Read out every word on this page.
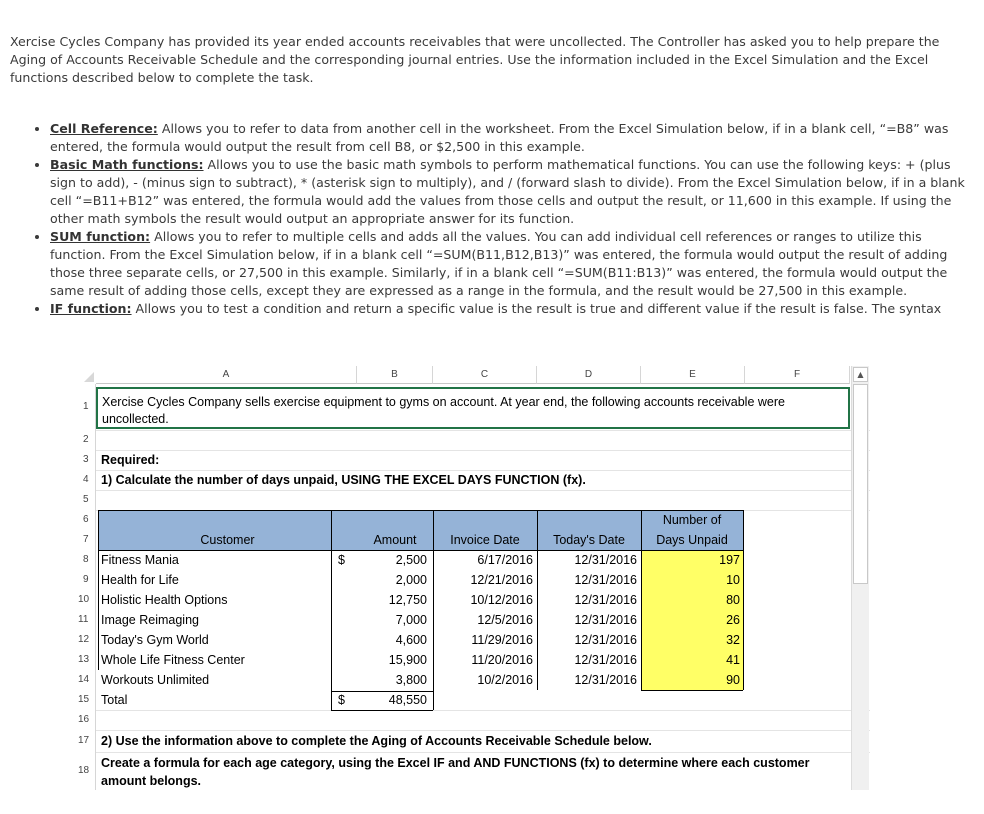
Xercise Cycles Company has provided its year ended accounts receivables that were uncollected. The Controller has asked you to help prepare the Aging of Accounts Receivable Schedule and the corresponding journal entries. Use the information included in the Excel Simulation and the Excel functions described below to complete the task.
• Cell Reference: Allows you to refer to data from another cell in the worksheet. From the Excel Simulation below, if in a blank cell, “=B8” was entered, the formula would output the result from cell B8, or $2,500 in this example.
• Basic Math functions: Allows you to use the basic math symbols to perform mathematical functions. You can use the following keys: + (plus sign to add), - (minus sign to subtract), * (asterisk sign to multiply), and / (forward slash to divide). From the Excel Simulation below, if in a blank cell “=B11+B12” was entered, the formula would add the values from those cells and output the result, or 11,600 in this example. If using the other math symbols the result would output an appropriate answer for its function.
• SUM function: Allows you to refer to multiple cells and adds all the values. You can add individual cell references or ranges to utilize this function. From the Excel Simulation below, if in a blank cell “=SUM(B11,B12,B13)” was entered, the formula would output the result of adding those three separate cells, or 27,500 in this example. Similarly, if in a blank cell “=SUM(B11:B13)” was entered, the formula would output the same result of adding those cells, except they are expressed as a range in the formula, and the result would be 27,500 in this example.
• IF function: Allows you to test a condition and return a specific value is the result is true and different value if the result is false. The syntax
A	B	C	D	E	F
1
2
3
4
5
6
7
8
9
10
11
12
13
14
15
16
17
18
Xercise Cycles Company sells exercise equipment to gyms on account. At year end, the following accounts receivable were uncollected.
Required:
1) Calculate the number of days unpaid, USING THE EXCEL DAYS FUNCTION (fx).
Customer	Amount	Invoice Date	Today's Date
Number of
Days Unpaid
Fitness Mania	$	2,500	6/17/2016	12/31/2016	197
Health for Life	2,000	12/21/2016	12/31/2016	10
Holistic Health Options	12,750	10/12/2016	12/31/2016	80
Image Reimaging	7,000	12/5/2016	12/31/2016	26
Today's Gym World	4,600	11/29/2016	12/31/2016	32
Whole Life Fitness Center	15,900	11/20/2016	12/31/2016	41
Workouts Unlimited	3,800	10/2/2016	12/31/2016	90
Total	$	48,550
2) Use the information above to complete the Aging of Accounts Receivable Schedule below.
Create a formula for each age category, using the Excel IF and AND FUNCTIONS (fx) to determine where each customer amount belongs.
▲
